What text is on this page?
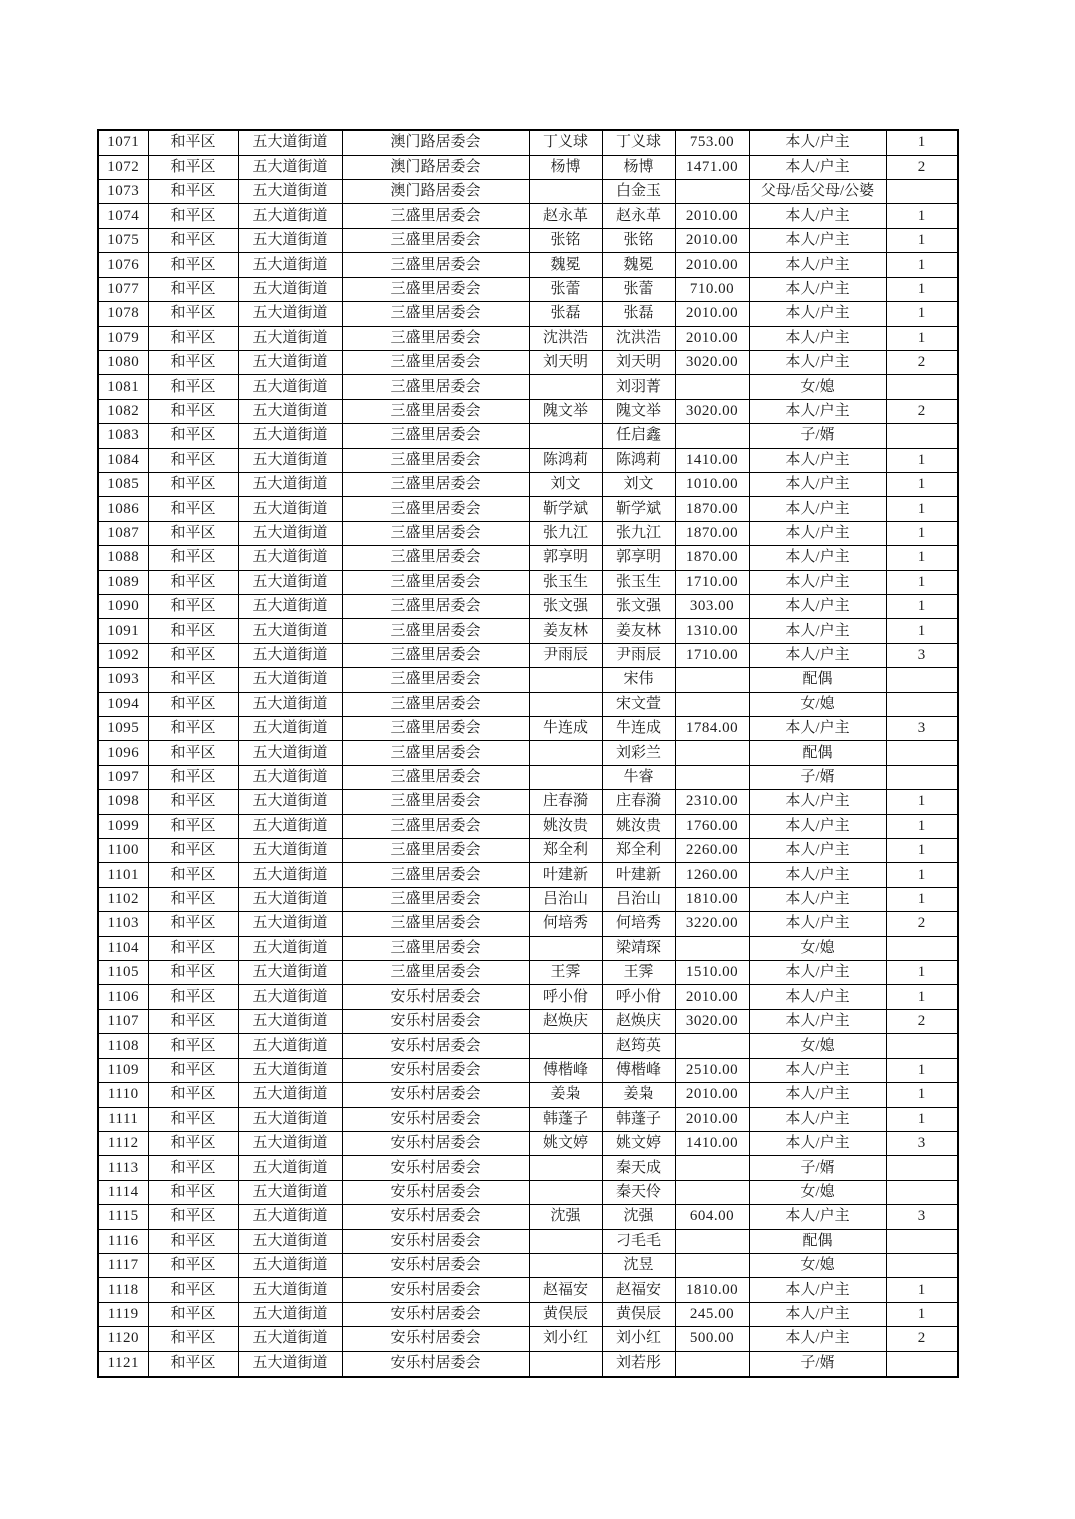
1071	和平区	五大道街道	澳门路居委会	丁义球	丁义球	753.00	本人/户主	1
1072	和平区	五大道街道	澳门路居委会	杨博	杨博	1471.00	本人/户主	2
1073	和平区	五大道街道	澳门路居委会		白金玉		父母/岳父母/公婆	
1074	和平区	五大道街道	三盛里居委会	赵永革	赵永革	2010.00	本人/户主	1
1075	和平区	五大道街道	三盛里居委会	张铭	张铭	2010.00	本人/户主	1
1076	和平区	五大道街道	三盛里居委会	魏冕	魏冕	2010.00	本人/户主	1
1077	和平区	五大道街道	三盛里居委会	张蕾	张蕾	710.00	本人/户主	1
1078	和平区	五大道街道	三盛里居委会	张磊	张磊	2010.00	本人/户主	1
1079	和平区	五大道街道	三盛里居委会	沈洪浩	沈洪浩	2010.00	本人/户主	1
1080	和平区	五大道街道	三盛里居委会	刘天明	刘天明	3020.00	本人/户主	2
1081	和平区	五大道街道	三盛里居委会		刘羽菁		女/媳	
1082	和平区	五大道街道	三盛里居委会	隗文举	隗文举	3020.00	本人/户主	2
1083	和平区	五大道街道	三盛里居委会		任启鑫		子/婿	
1084	和平区	五大道街道	三盛里居委会	陈鸿莉	陈鸿莉	1410.00	本人/户主	1
1085	和平区	五大道街道	三盛里居委会	刘文	刘文	1010.00	本人/户主	1
1086	和平区	五大道街道	三盛里居委会	靳学斌	靳学斌	1870.00	本人/户主	1
1087	和平区	五大道街道	三盛里居委会	张九江	张九江	1870.00	本人/户主	1
1088	和平区	五大道街道	三盛里居委会	郭享明	郭享明	1870.00	本人/户主	1
1089	和平区	五大道街道	三盛里居委会	张玉生	张玉生	1710.00	本人/户主	1
1090	和平区	五大道街道	三盛里居委会	张文强	张文强	303.00	本人/户主	1
1091	和平区	五大道街道	三盛里居委会	姜友林	姜友林	1310.00	本人/户主	1
1092	和平区	五大道街道	三盛里居委会	尹雨辰	尹雨辰	1710.00	本人/户主	3
1093	和平区	五大道街道	三盛里居委会		宋伟		配偶	
1094	和平区	五大道街道	三盛里居委会		宋文萱		女/媳	
1095	和平区	五大道街道	三盛里居委会	牛连成	牛连成	1784.00	本人/户主	3
1096	和平区	五大道街道	三盛里居委会		刘彩兰		配偶	
1097	和平区	五大道街道	三盛里居委会		牛睿		子/婿	
1098	和平区	五大道街道	三盛里居委会	庄春漪	庄春漪	2310.00	本人/户主	1
1099	和平区	五大道街道	三盛里居委会	姚汝贵	姚汝贵	1760.00	本人/户主	1
1100	和平区	五大道街道	三盛里居委会	郑全利	郑全利	2260.00	本人/户主	1
1101	和平区	五大道街道	三盛里居委会	叶建新	叶建新	1260.00	本人/户主	1
1102	和平区	五大道街道	三盛里居委会	吕治山	吕治山	1810.00	本人/户主	1
1103	和平区	五大道街道	三盛里居委会	何培秀	何培秀	3220.00	本人/户主	2
1104	和平区	五大道街道	三盛里居委会		梁靖琛		女/媳	
1105	和平区	五大道街道	三盛里居委会	王霁	王霁	1510.00	本人/户主	1
1106	和平区	五大道街道	安乐村居委会	呼小佾	呼小佾	2010.00	本人/户主	1
1107	和平区	五大道街道	安乐村居委会	赵焕庆	赵焕庆	3020.00	本人/户主	2
1108	和平区	五大道街道	安乐村居委会		赵筠英		女/媳	
1109	和平区	五大道街道	安乐村居委会	傅楷峰	傅楷峰	2510.00	本人/户主	1
1110	和平区	五大道街道	安乐村居委会	姜枭	姜枭	2010.00	本人/户主	1
1111	和平区	五大道街道	安乐村居委会	韩蓬子	韩蓬子	2010.00	本人/户主	1
1112	和平区	五大道街道	安乐村居委会	姚文婷	姚文婷	1410.00	本人/户主	3
1113	和平区	五大道街道	安乐村居委会		秦天成		子/婿	
1114	和平区	五大道街道	安乐村居委会		秦天伶		女/媳	
1115	和平区	五大道街道	安乐村居委会	沈强	沈强	604.00	本人/户主	3
1116	和平区	五大道街道	安乐村居委会		刁毛毛		配偶	
1117	和平区	五大道街道	安乐村居委会		沈昱		女/媳	
1118	和平区	五大道街道	安乐村居委会	赵福安	赵福安	1810.00	本人/户主	1
1119	和平区	五大道街道	安乐村居委会	黄俣辰	黄俣辰	245.00	本人/户主	1
1120	和平区	五大道街道	安乐村居委会	刘小红	刘小红	500.00	本人/户主	2
1121	和平区	五大道街道	安乐村居委会		刘若彤		子/婿	
